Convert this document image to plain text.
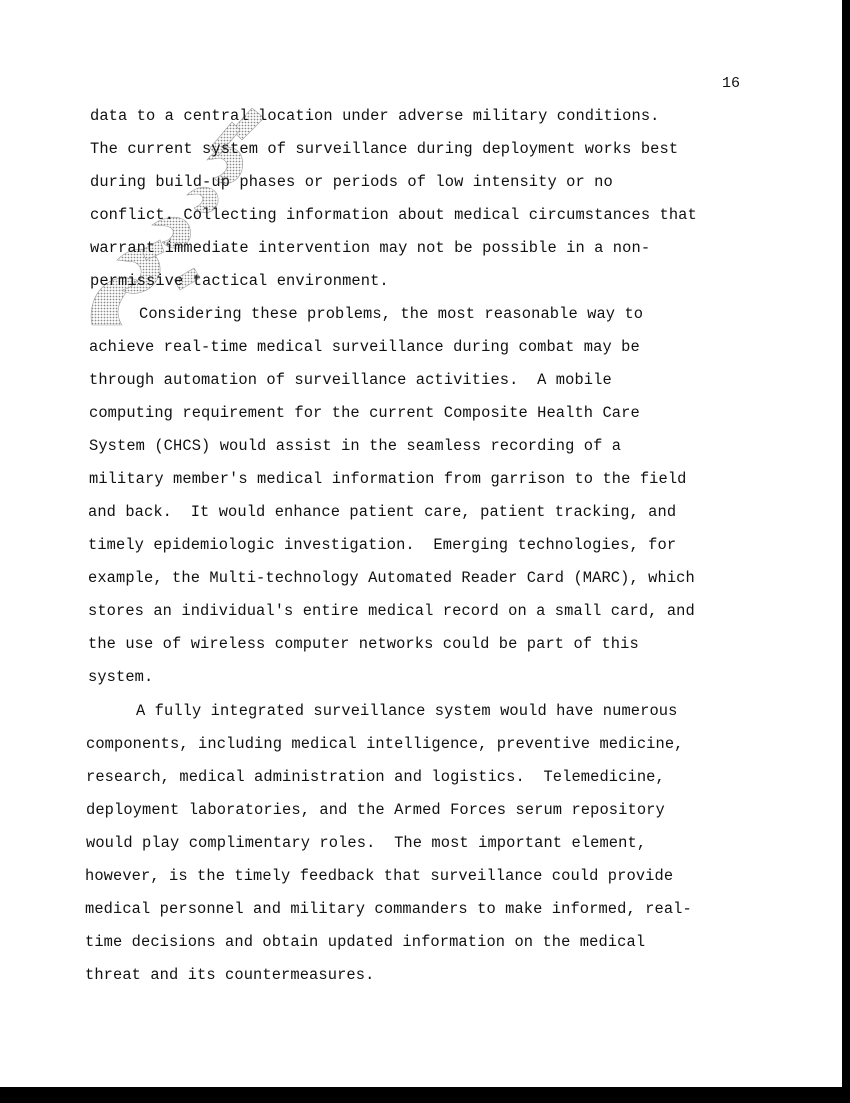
16
data to a central location under adverse military conditions.
The current system of surveillance during deployment works best
during build-up phases or periods of low intensity or no
conflict. Collecting information about medical circumstances that
warrant immediate intervention may not be possible in a non-
permissive tactical environment.
Considering these problems, the most reasonable way to
achieve real-time medical surveillance during combat may be
through automation of surveillance activities.  A mobile
computing requirement for the current Composite Health Care
System (CHCS) would assist in the seamless recording of a
military member's medical information from garrison to the field
and back.  It would enhance patient care, patient tracking, and
timely epidemiologic investigation.  Emerging technologies, for
example, the Multi-technology Automated Reader Card (MARC), which
stores an individual's entire medical record on a small card, and
the use of wireless computer networks could be part of this
system.
A fully integrated surveillance system would have numerous
components, including medical intelligence, preventive medicine,
research, medical administration and logistics.  Telemedicine,
deployment laboratories, and the Armed Forces serum repository
would play complimentary roles.  The most important element,
however, is the timely feedback that surveillance could provide
medical personnel and military commanders to make informed, real-
time decisions and obtain updated information on the medical
threat and its countermeasures.
